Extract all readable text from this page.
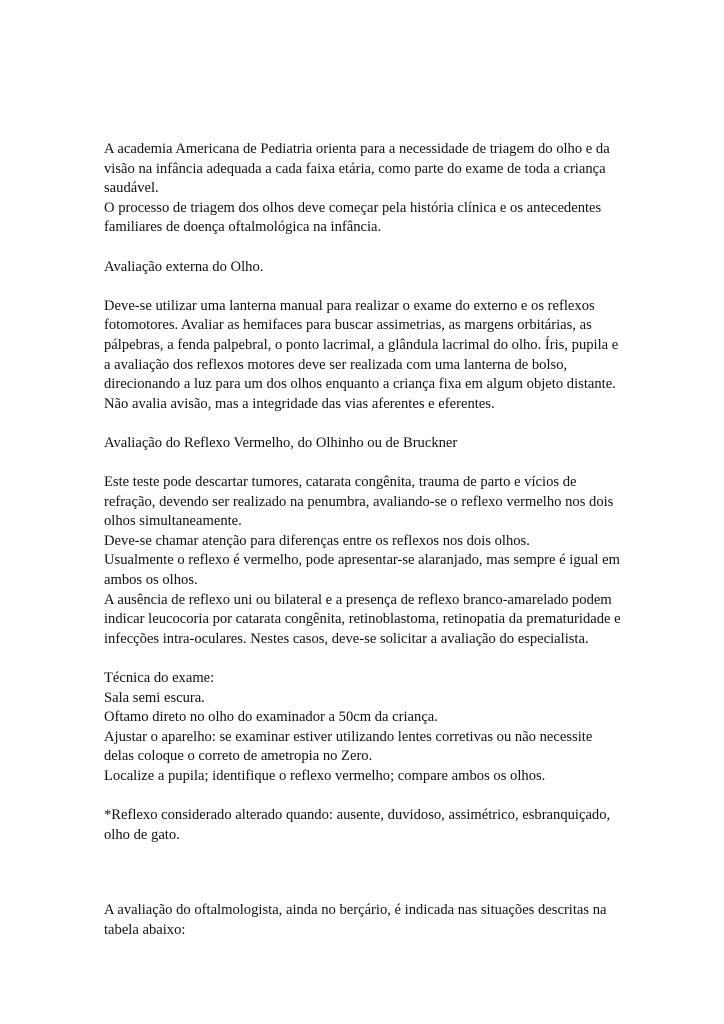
A academia Americana de Pediatria orienta para a necessidade de triagem do olho e da visão na infância adequada a cada faixa etária, como parte do exame de toda a criança saudável.

O processo de triagem dos olhos deve começar pela história clínica e os antecedentes familiares de doença oftalmológica na infância.

Avaliação externa do Olho.

Deve-se utilizar uma lanterna manual para realizar o exame do externo e os reflexos fotomotores. Avaliar as hemifaces para buscar assimetrias, as margens orbitárias, as pálpebras, a fenda palpebral, o ponto lacrimal, a glândula lacrimal do olho. Íris, pupila e a avaliação dos reflexos motores deve ser realizada com uma lanterna de bolso, direcionando a luz para um dos olhos enquanto a criança fixa em algum objeto distante. Não avalia avisão, mas a integridade das vias aferentes e eferentes.

Avaliação do Reflexo Vermelho, do Olhinho ou de Bruckner

Este teste pode descartar tumores, catarata congênita, trauma de parto e vícios de refração, devendo ser realizado na penumbra, avaliando-se o reflexo vermelho nos dois olhos simultaneamente.

Deve-se chamar atenção para diferenças entre os reflexos nos dois olhos.

Usualmente o reflexo é vermelho, pode apresentar-se alaranjado, mas sempre é igual em ambos os olhos.

A ausência de reflexo uni ou bilateral e a presença de reflexo branco-amarelado podem indicar leucocoria por catarata congênita, retinoblastoma, retinopatia da prematuridade e infecções intra-oculares. Nestes casos, deve-se solicitar a avaliação do especialista.

Técnica do exame:

Sala semi escura.

Oftamo direto no olho do examinador a 50cm da criança.

Ajustar o aparelho: se examinar estiver utilizando lentes corretivas ou não necessite delas coloque o correto de ametropia no Zero.

Localize a pupila; identifique o reflexo vermelho; compare ambos os olhos.

*Reflexo considerado alterado quando: ausente, duvidoso, assimétrico, esbranquiçado, olho de gato.

A avaliação do oftalmologista, ainda no berçário, é indicada nas situações descritas na tabela abaixo:
